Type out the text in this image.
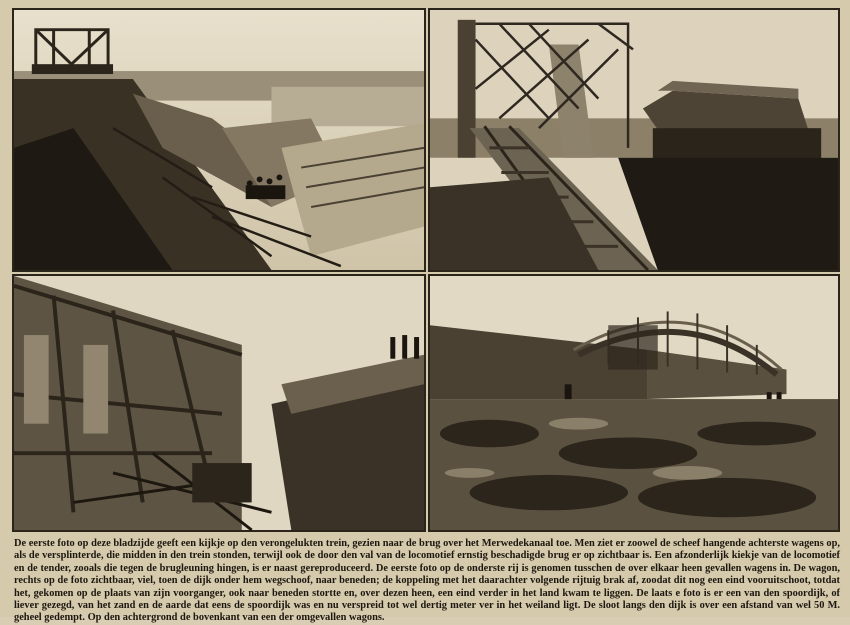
De eerste foto op deze bladzijde geeft een kijkje op den verongelukten trein, gezien naar de brug over het Merwedekanaal toe. Men ziet er zoowel de scheef hangende achterste wagens op, als de versplinterde, die midden in den trein stonden, terwijl ook de door den val van de locomotief ernstig beschadigde brug er op zichtbaar is. Een afzonderlijk kiekje van de locomotief en de tender, zooals die tegen de brugleuning hingen, is er naast gereproduceerd. De eerste foto op de onderste rij is genomen tusschen de over elkaar heen gevallen wagens in. De wagon, rechts op de foto zichtbaar, viel, toen de dijk onder hem wegschoof, naar beneden; de koppeling met het daarachter volgende rijtuig brak af, zoodat dit nog een eind vooruitschoot, totdat het, gekomen op de plaats van zijn voorganger, ook naar beneden stortte en, over dezen heen, een eind verder in het land kwam te liggen. De laats e foto is er een van den spoordijk, of liever gezegd, van het zand en de aarde dat eens de spoordijk was en nu verspreid tot wel dertig meter ver in het weiland ligt. De sloot langs den dijk is over een afstand van wel 50 M. geheel gedempt. Op den achtergrond de bovenkant van een der omgevallen wagons.
